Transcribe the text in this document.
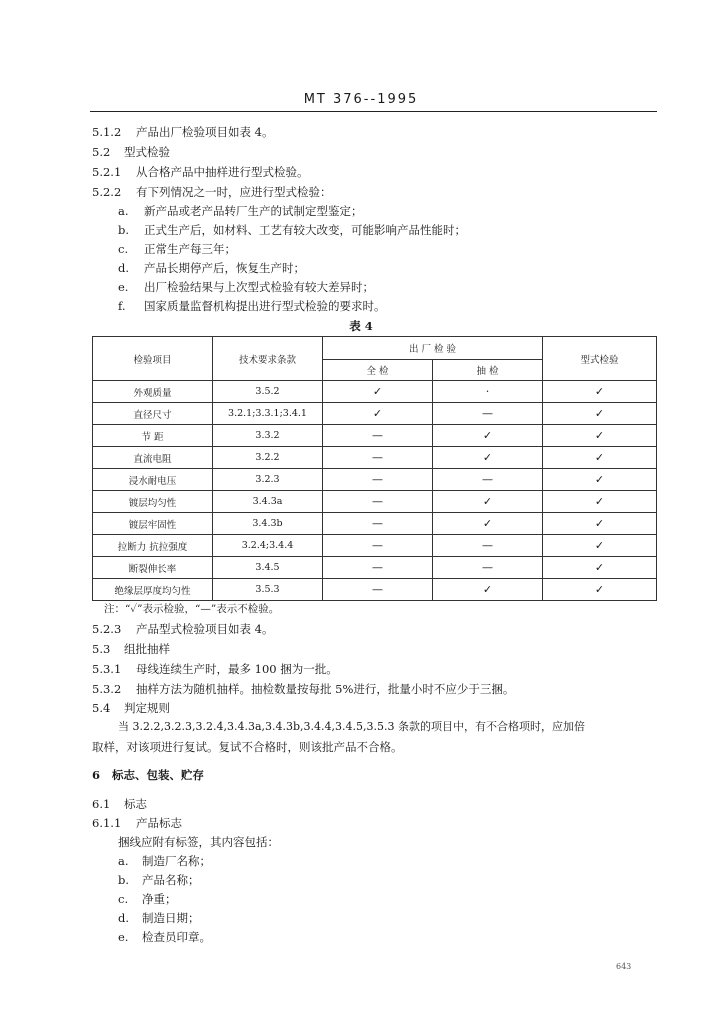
MT 376--1995
5.1.2 产品出厂检验项目如表 4。
5.2 型式检验
5.2.1 从合格产品中抽样进行型式检验。
5.2.2 有下列情况之一时，应进行型式检验：
a. 新产品或老产品转厂生产的试制定型鉴定；
b. 正式生产后，如材料、工艺有较大改变，可能影响产品性能时；
c. 正常生产每三年；
d. 产品长期停产后，恢复生产时；
e. 出厂检验结果与上次型式检验有较大差异时；
f. 国家质量监督机构提出进行型式检验的要求时。
表 4
检验项目	技术要求条款	出 厂 检 验		型式检验
		全 检	抽 检	
外观质量	3.5.2	✓	·	✓
直径尺寸	3.2.1;3.3.1;3.4.1	✓	—	✓
节 距	3.3.2	—	✓	✓
直流电阻	3.2.2	—	✓	✓
浸水耐电压	3.2.3	—	—	✓
镀层均匀性	3.4.3a	—	✓	✓
镀层牢固性	3.4.3b	—	✓	✓
拉断力 抗拉强度	3.2.4;3.4.4	—	—	✓
断裂伸长率	3.4.5	—	—	✓
绝缘层厚度均匀性	3.5.3	—	✓	✓
注：“✓”表示检验，“—”表示不检验。
5.2.3 产品型式检验项目如表 4。
5.3 组批抽样
5.3.1 母线连续生产时，最多 100 捆为一批。
5.3.2 抽样方法为随机抽样。抽检数量按每批 5%进行，批量小时不应少于三捆。
5.4 判定规则
当 3.2.2,3.2.3,3.2.4,3.4.3a,3.4.3b,3.4.4,3.4.5,3.5.3 条款的项目中，有不合格项时，应加倍
取样，对该项进行复试。复试不合格时，则该批产品不合格。
6 标志、包装、贮存
6.1 标志
6.1.1 产品标志
捆线应附有标签，其内容包括：
a. 制造厂名称；
b. 产品名称；
c. 净重；
d. 制造日期；
e. 检查员印章。
643
